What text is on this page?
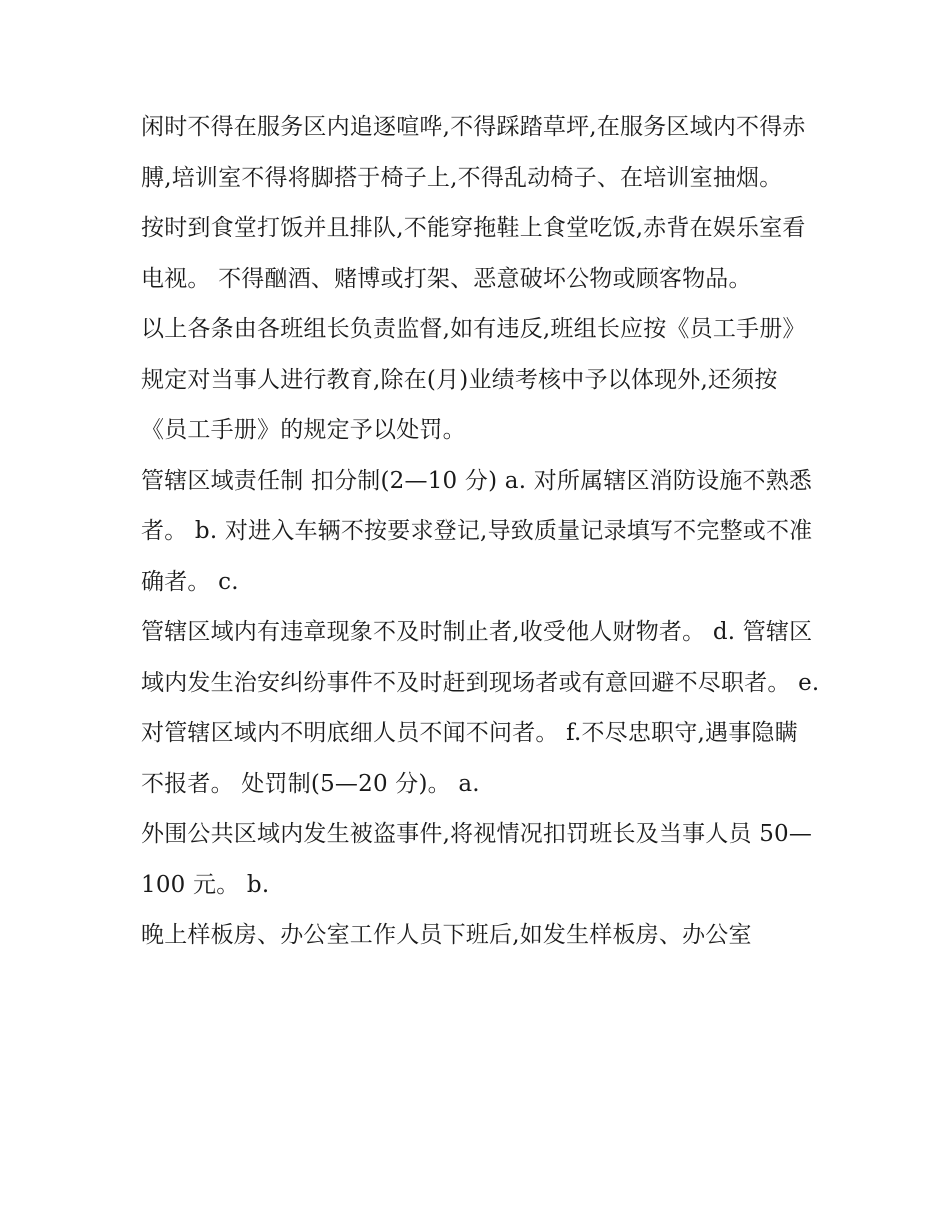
闲时不得在服务区内追逐喧哗,不得踩踏草坪,在服务区域内不得赤膊,培训室不得将脚搭于椅子上,不得乱动椅子、在培训室抽烟。

按时到食堂打饭并且排队,不能穿拖鞋上食堂吃饭,赤背在娱乐室看电视。 不得酗酒、赌博或打架、恶意破坏公物或顾客物品。

以上各条由各班组长负责监督,如有违反,班组长应按《员工手册》规定对当事人进行教育,除在(月)业绩考核中予以体现外,还须按《员工手册》的规定予以处罚。

管辖区域责任制 扣分制(2—10 分) a. 对所属辖区消防设施不熟悉者。 b. 对进入车辆不按要求登记,导致质量记录填写不完整或不准确者。 c.

管辖区域内有违章现象不及时制止者,收受他人财物者。 d. 管辖区域内发生治安纠纷事件不及时赶到现场者或有意回避不尽职者。 e.

对管辖区域内不明底细人员不闻不问者。 f.不尽忠职守,遇事隐瞒不报者。 处罚制(5—20 分)。 a.

外围公共区域内发生被盗事件,将视情况扣罚班长及当事人员 50—100 元。 b.

晚上样板房、办公室工作人员下班后,如发生样板房、办公室
